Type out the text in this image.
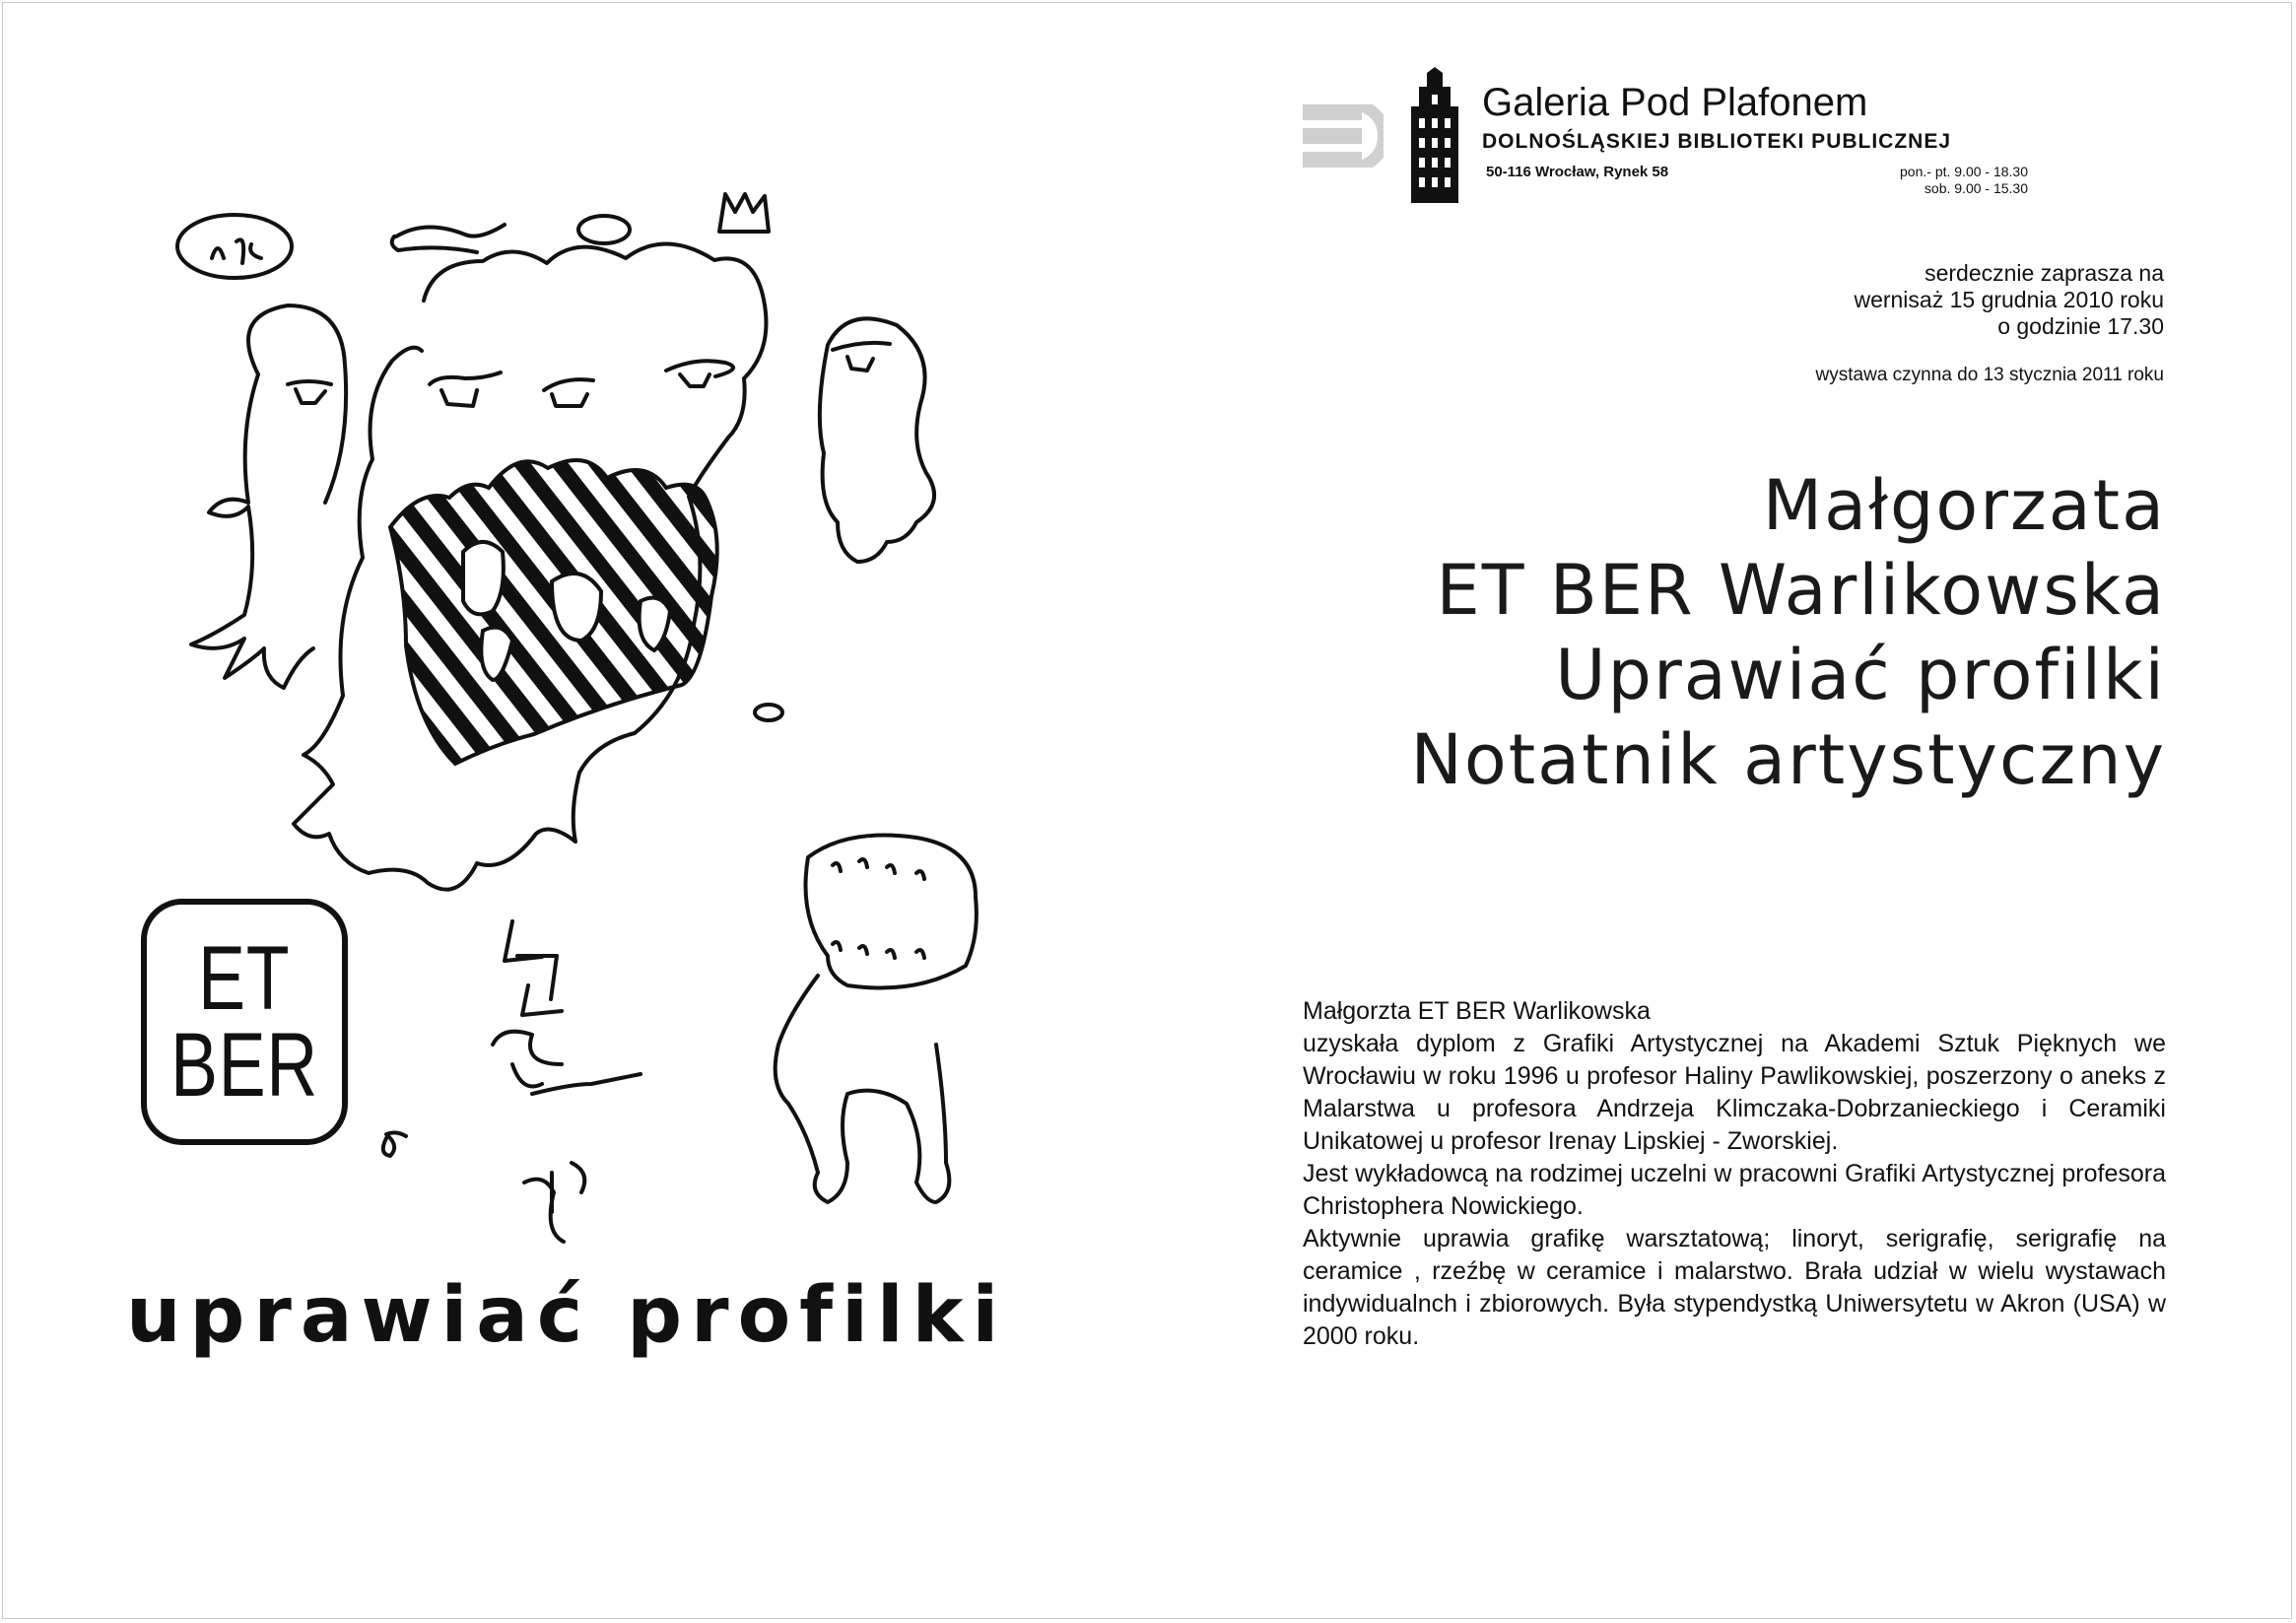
ET
BER
uprawiać profilki
Galeria Pod Plafonem
DOLNOŚLĄSKIEJ BIBLIOTEKI PUBLICZNEJ
50-116 Wrocław, Rynek 58	pon.- pt. 9.00 - 18.30
sob. 9.00 - 15.30
serdecznie zaprasza na
wernisaż 15 grudnia 2010 roku
o godzinie 17.30
wystawa czynna do 13 stycznia 2011 roku
Małgorzata
ET BER Warlikowska
Uprawiać profilki
Notatnik artystyczny

Małgorzta ET BER Warlikowska

uzyskała dyplom z Grafiki Artystycznej na Akademi Sztuk Pięknych we Wrocławiu w roku 1996 u profesor Haliny Pawlikowskiej, poszerzony o aneks z Malarstwa u profesora Andrzeja Klimczaka-Dobrzanieckiego i Ceramiki Unikatowej u profesor Irenay Lipskiej - Zworskiej.

Jest wykładowcą na rodzimej uczelni w pracowni Grafiki Artystycznej profesora Christophera Nowickiego.

Aktywnie uprawia grafikę warsztatową; linoryt, serigrafię, serigrafię na ceramice , rzeźbę w ceramice i malarstwo. Brała udział w wielu wystawach indywidualnch i zbiorowych. Była stypendystką Uniwersytetu w Akron (USA) w 2000 roku.
